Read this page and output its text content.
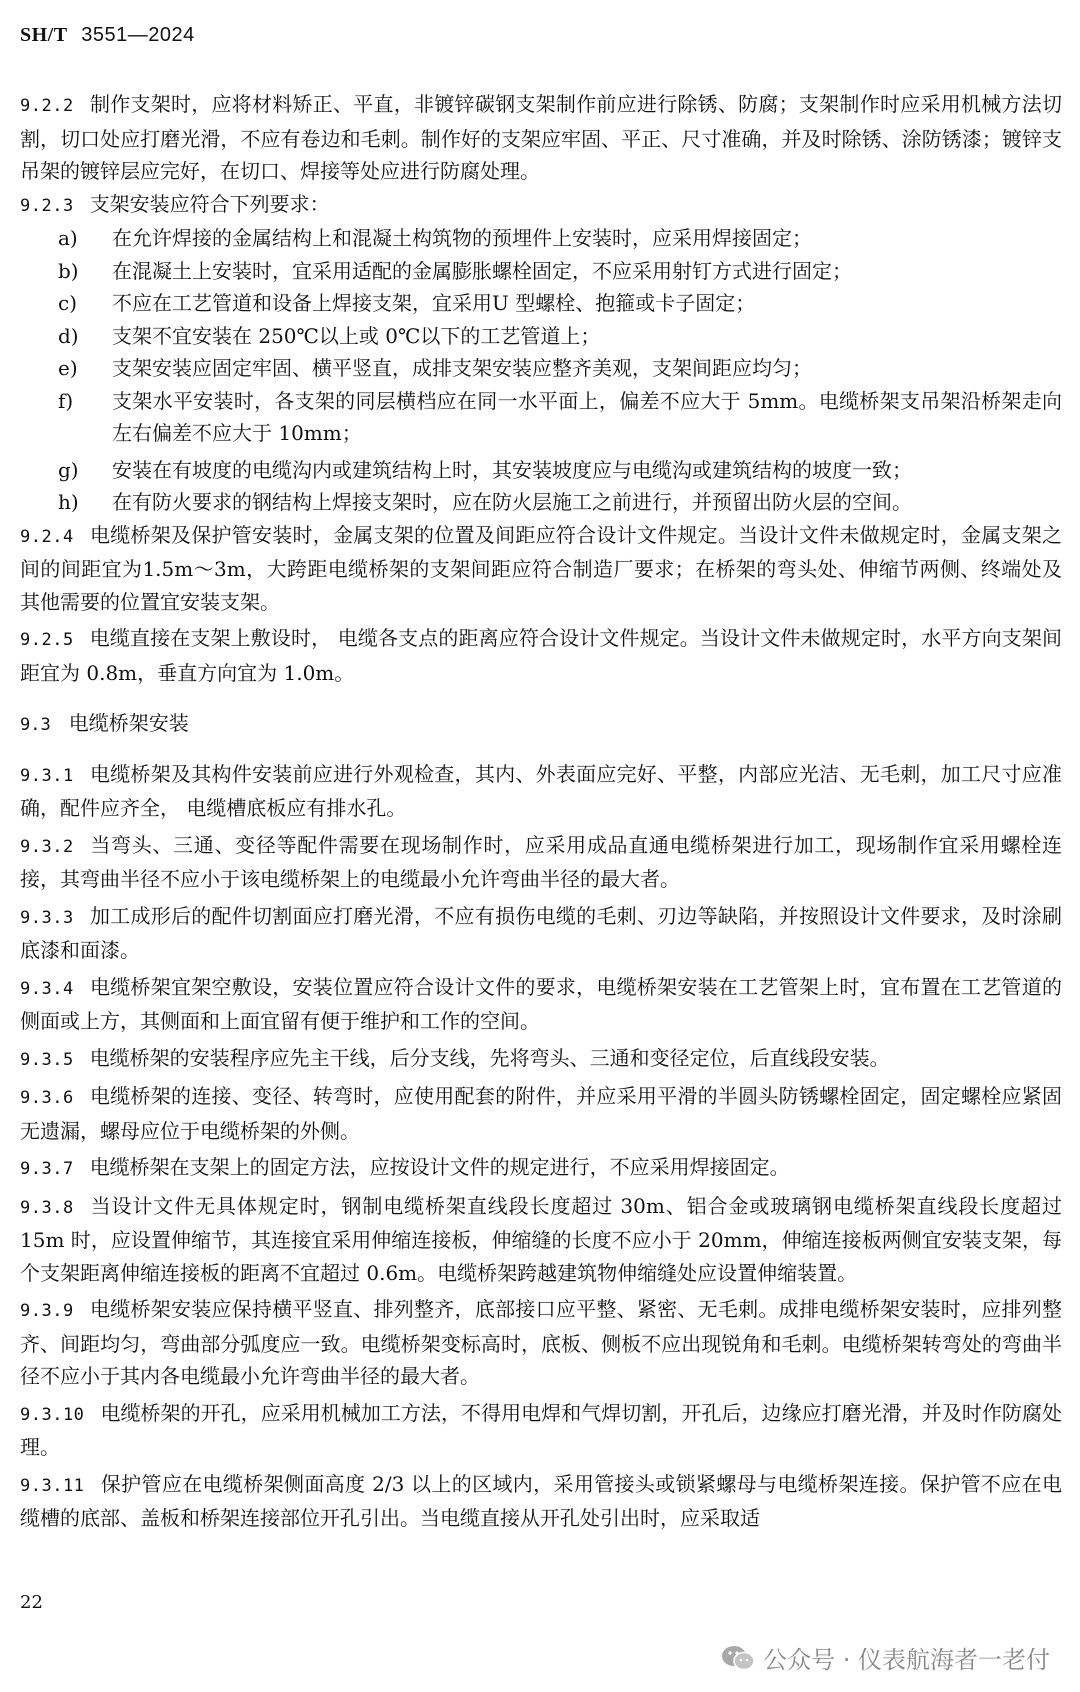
SH/T 3551—2024

9.2.2 制作支架时，应将材料矫正、平直，非镀锌碳钢支架制作前应进行除锈、防腐；支架制作时应采用机械方法切割，切口处应打磨光滑，不应有卷边和毛刺。制作好的支架应牢固、平正、尺寸准确，并及时除锈、涂防锈漆；镀锌支吊架的镀锌层应完好，在切口、焊接等处应进行防腐处理。

9.2.3 支架安装应符合下列要求：

a) 在允许焊接的金属结构上和混凝土构筑物的预埋件上安装时，应采用焊接固定；

b) 在混凝土上安装时，宜采用适配的金属膨胀螺栓固定，不应采用射钉方式进行固定；

c) 不应在工艺管道和设备上焊接支架，宜采用U 型螺栓、抱箍或卡子固定；

d) 支架不宜安装在 250℃以上或 0℃以下的工艺管道上；

e) 支架安装应固定牢固、横平竖直，成排支架安装应整齐美观，支架间距应均匀；

f) 支架水平安装时，各支架的同层横档应在同一水平面上，偏差不应大于 5mm。电缆桥架支吊架沿桥架走向左右偏差不应大于 10mm；

g) 安装在有坡度的电缆沟内或建筑结构上时，其安装坡度应与电缆沟或建筑结构的坡度一致；

h) 在有防火要求的钢结构上焊接支架时，应在防火层施工之前进行，并预留出防火层的空间。

9.2.4 电缆桥架及保护管安装时，金属支架的位置及间距应符合设计文件规定。当设计文件未做规定时，金属支架之间的间距宜为1.5m～3m，大跨距电缆桥架的支架间距应符合制造厂要求；在桥架的弯头处、伸缩节两侧、终端处及其他需要的位置宜安装支架。

9.2.5 电缆直接在支架上敷设时， 电缆各支点的距离应符合设计文件规定。当设计文件未做规定时，水平方向支架间距宜为 0.8m，垂直方向宜为 1.0m。

9.3 电缆桥架安装

9.3.1 电缆桥架及其构件安装前应进行外观检查，其内、外表面应完好、平整，内部应光洁、无毛刺，加工尺寸应准确，配件应齐全， 电缆槽底板应有排水孔。

9.3.2 当弯头、三通、变径等配件需要在现场制作时，应采用成品直通电缆桥架进行加工，现场制作宜采用螺栓连接，其弯曲半径不应小于该电缆桥架上的电缆最小允许弯曲半径的最大者。

9.3.3 加工成形后的配件切割面应打磨光滑，不应有损伤电缆的毛刺、刃边等缺陷，并按照设计文件要求，及时涂刷底漆和面漆。

9.3.4 电缆桥架宜架空敷设，安装位置应符合设计文件的要求，电缆桥架安装在工艺管架上时，宜布置在工艺管道的侧面或上方，其侧面和上面宜留有便于维护和工作的空间。

9.3.5 电缆桥架的安装程序应先主干线，后分支线，先将弯头、三通和变径定位，后直线段安装。

9.3.6 电缆桥架的连接、变径、转弯时，应使用配套的附件，并应采用平滑的半圆头防锈螺栓固定，固定螺栓应紧固无遗漏，螺母应位于电缆桥架的外侧。

9.3.7 电缆桥架在支架上的固定方法，应按设计文件的规定进行，不应采用焊接固定。

9.3.8 当设计文件无具体规定时，钢制电缆桥架直线段长度超过 30m、铝合金或玻璃钢电缆桥架直线段长度超过 15m 时，应设置伸缩节，其连接宜采用伸缩连接板，伸缩缝的长度不应小于 20mm，伸缩连接板两侧宜安装支架，每个支架距离伸缩连接板的距离不宜超过 0.6m。电缆桥架跨越建筑物伸缩缝处应设置伸缩装置。

9.3.9 电缆桥架安装应保持横平竖直、排列整齐，底部接口应平整、紧密、无毛刺。成排电缆桥架安装时，应排列整齐、间距均匀，弯曲部分弧度应一致。电缆桥架变标高时，底板、侧板不应出现锐角和毛刺。电缆桥架转弯处的弯曲半径不应小于其内各电缆最小允许弯曲半径的最大者。

9.3.10 电缆桥架的开孔，应采用机械加工方法，不得用电焊和气焊切割，开孔后，边缘应打磨光滑，并及时作防腐处理。

9.3.11 保护管应在电缆桥架侧面高度 2/3 以上的区域内，采用管接头或锁紧螺母与电缆桥架连接。保护管不应在电缆槽的底部、盖板和桥架连接部位开孔引出。当电缆直接从开孔处引出时，应采取适

22
公众号 · 仪表航海者一老付
